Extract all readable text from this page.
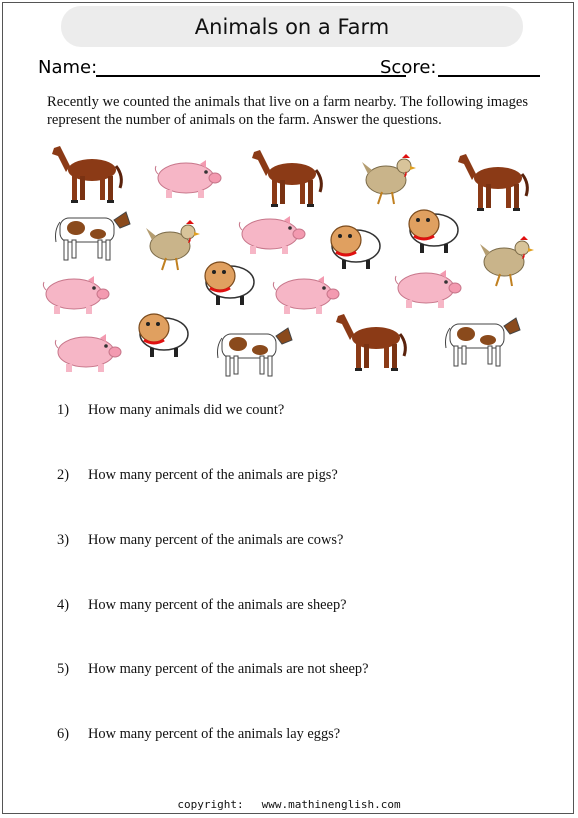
Animals on a Farm
Name:	Score:
Recently we counted the animals that live on a farm nearby. The following images represent the number of animals on the farm. Answer the questions.
1)	How many animals did we count?
2)	How many percent of the animals are pigs?
3)	How many percent of the animals are cows?
4)	How many percent of the animals are sheep?
5)	How many percent of the animals are not sheep?
6)	How many percent of the animals lay eggs?
copyright: www.mathinenglish.com
